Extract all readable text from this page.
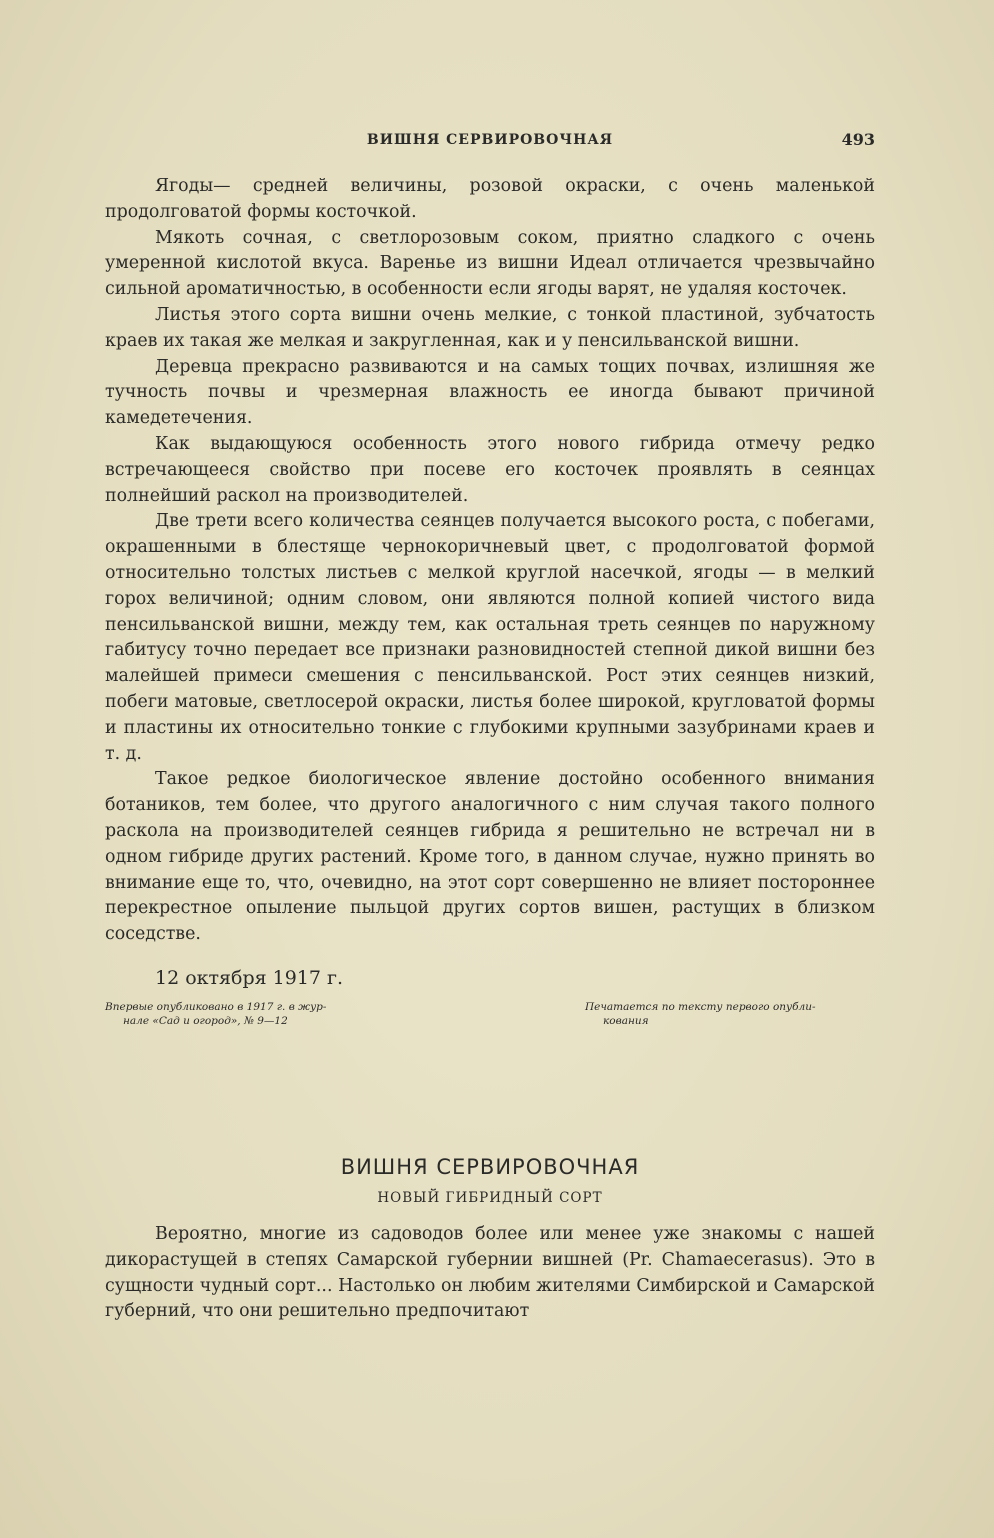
ВИШНЯ СЕРВИРОВОЧНАЯ	493

Ягоды— средней величины, розовой окраски, с очень маленькой продолговатой формы косточкой.

Мякоть сочная, с светлорозовым соком, приятно сладкого с очень умеренной кислотой вкуса. Варенье из вишни Идеал отличается чрезвычайно сильной ароматичностью, в особенности если ягоды варят, не удаляя косточек.

Листья этого сорта вишни очень мелкие, с тонкой пластиной, зубчатость краев их такая же мелкая и закругленная, как и у пенсильванской вишни.

Деревца прекрасно развиваются и на самых тощих почвах, излишняя же тучность почвы и чрезмерная влажность ее иногда бывают причиной камедетечения.

Как выдающуюся особенность этого нового гибрида отмечу редко встречающееся свойство при посеве его косточек проявлять в сеянцах полнейший раскол на производителей.

Две трети всего количества сеянцев получается высокого роста, с побегами, окрашенными в блестяще чернокоричневый цвет, с продолговатой формой относительно толстых листьев с мелкой круглой насечкой, ягоды — в мелкий горох величиной; одним словом, они являются полной копией чистого вида пенсильванской вишни, между тем, как остальная треть сеянцев по наружному габитусу точно передает все признаки разновидностей степной дикой вишни без малейшей примеси смешения с пенсильванской. Рост этих сеянцев низкий, побеги матовые, светлосерой окраски, листья более широкой, кругловатой формы и пластины их относительно тонкие с глубокими крупными зазубринами краев и т. д.

Такое редкое биологическое явление достойно особенного внимания ботаников, тем более, что другого аналогичного с ним случая такого полного раскола на производителей сеянцев гибрида я решительно не встречал ни в одном гибриде других растений. Кроме того, в данном случае, нужно принять во внимание еще то, что, очевидно, на этот сорт совершенно не влияет постороннее перекрестное опыление пыльцой других сортов вишен, растущих в близком соседстве.

12 октября 1917 г.
Впервые опубликовано в 1917 г. в жур-
нале «Сад и огород», № 9—12
Печатается по тексту первого опубли-
кования
ВИШНЯ СЕРВИРОВОЧНАЯ
НОВЫЙ ГИБРИДНЫЙ СОРТ

Вероятно, многие из садоводов более или менее уже знакомы с нашей дикорастущей в степях Самарской губернии вишней (Pr. Chamaecerasus). Это в сущности чудный сорт... Настолько он любим жителями Симбирской и Самарской губерний, что они решительно предпочитают
